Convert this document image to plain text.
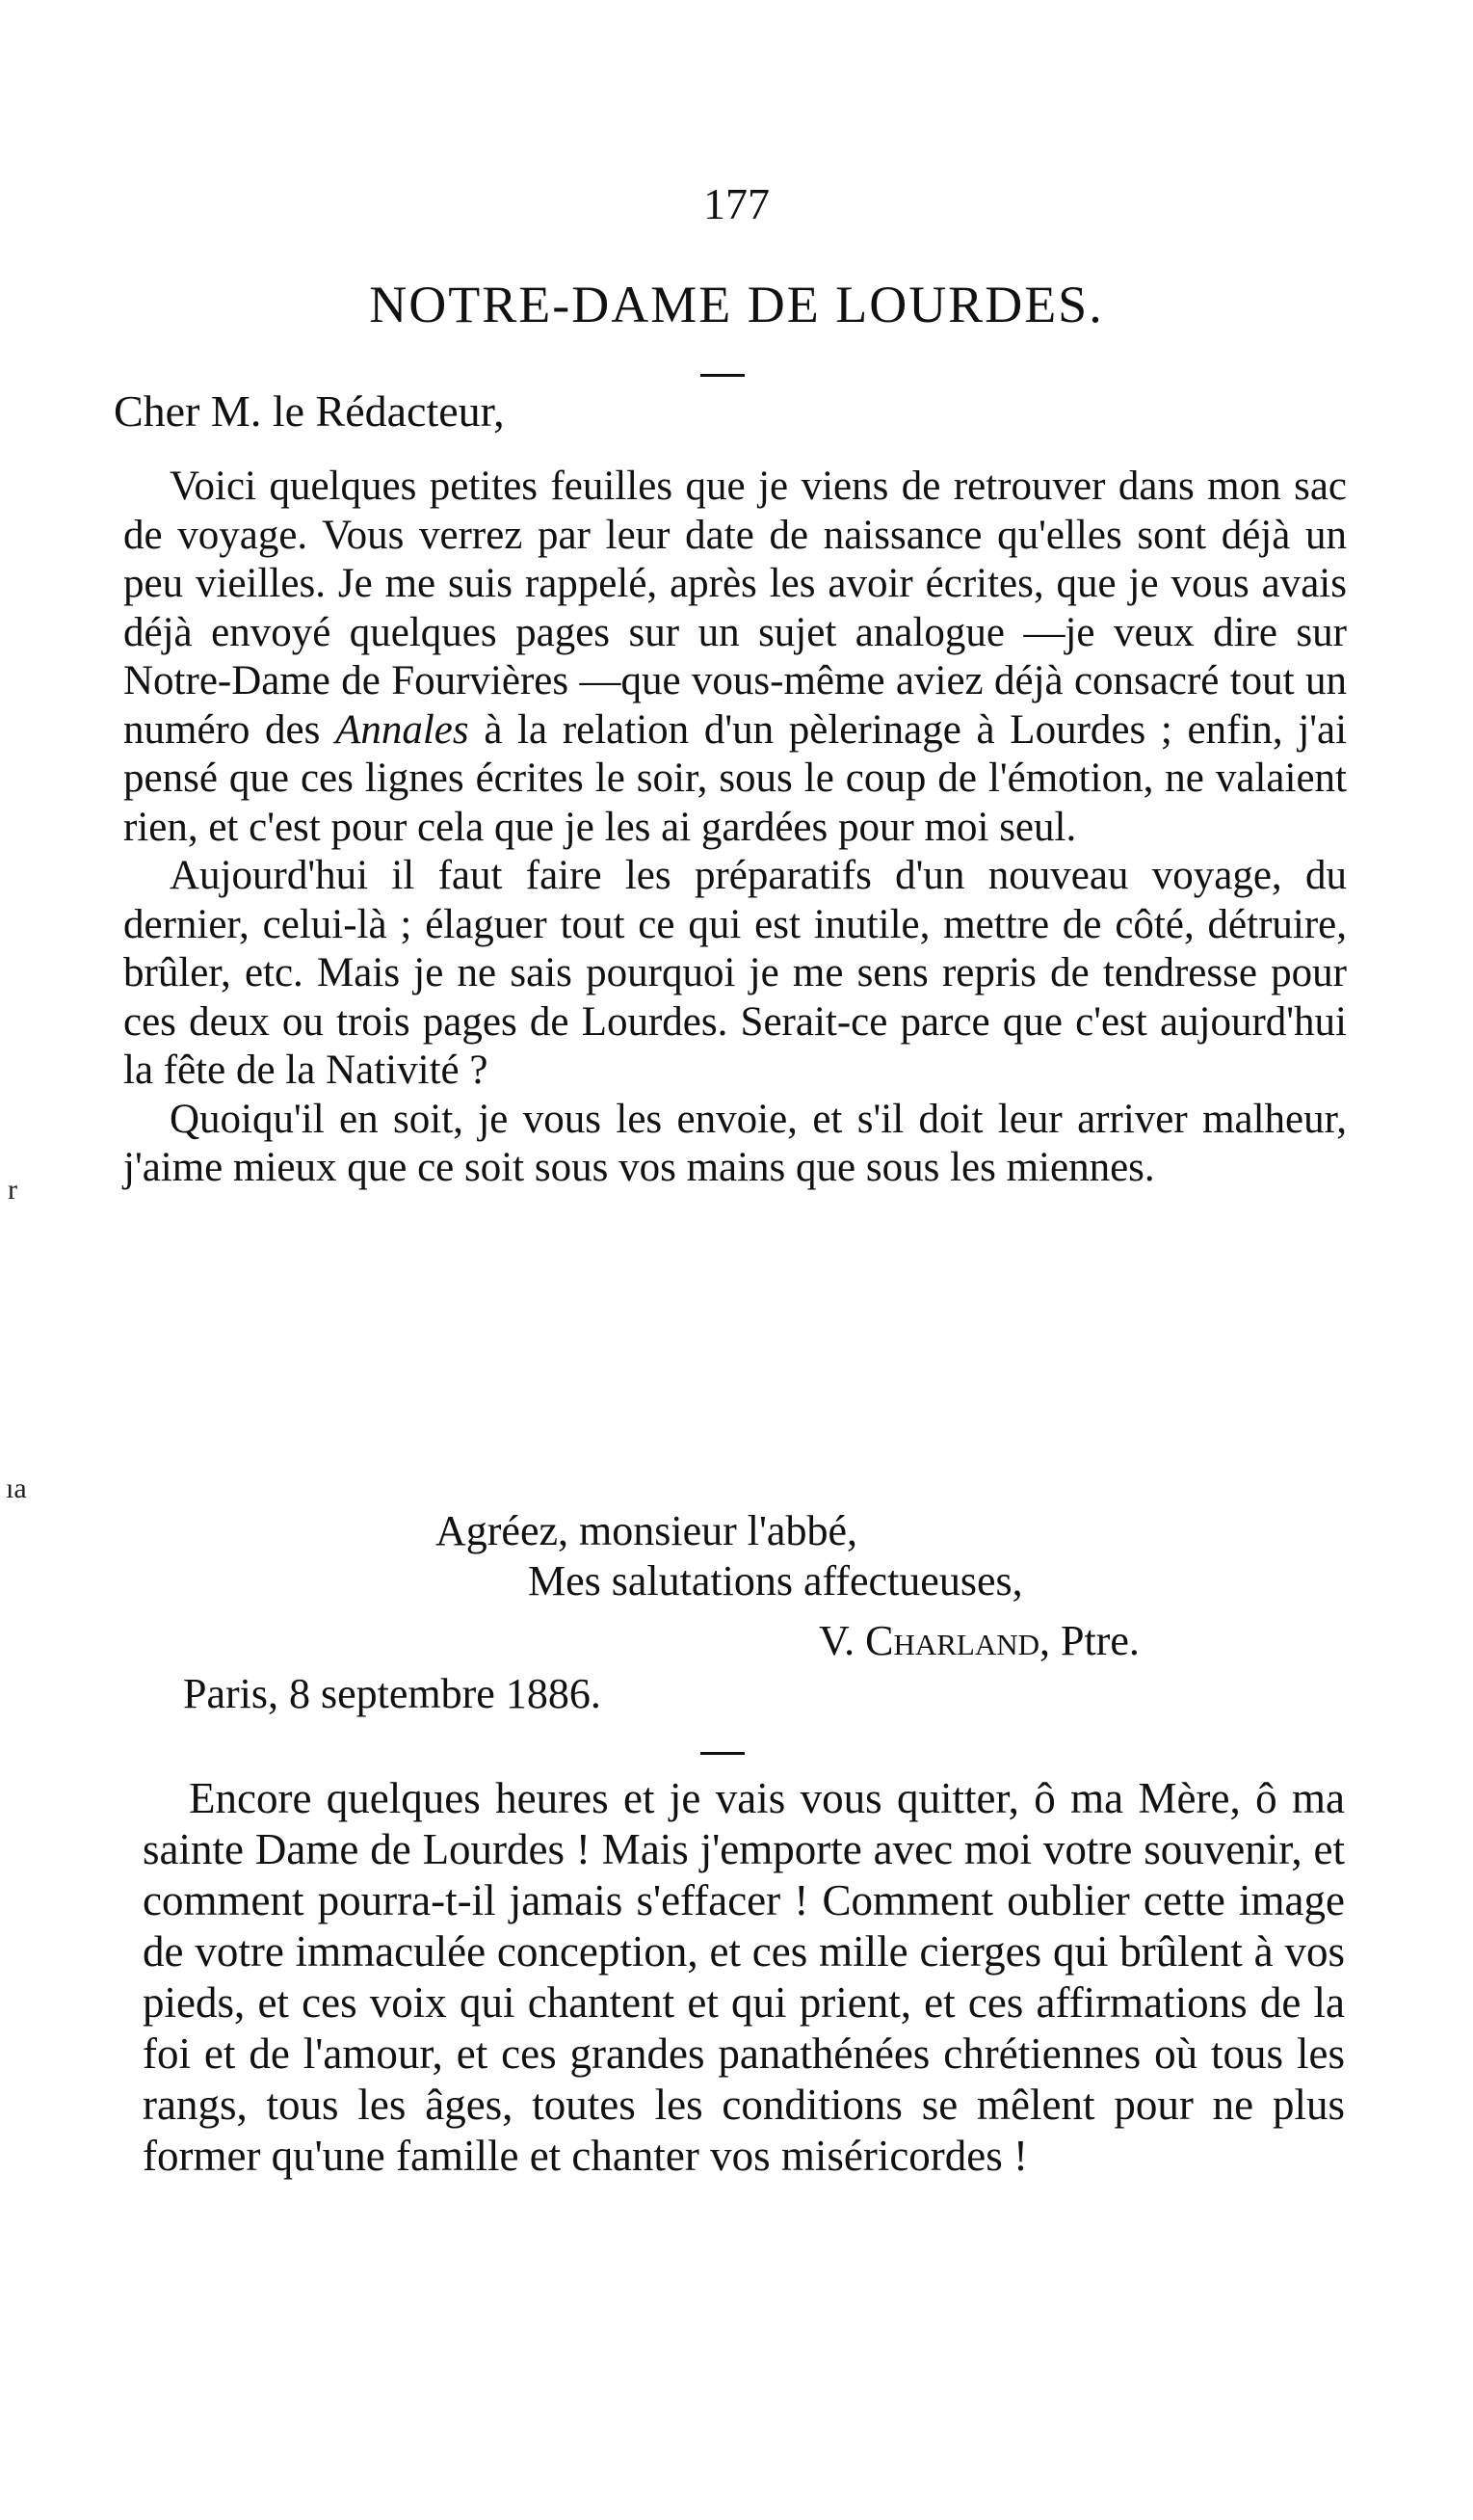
177
NOTRE-DAME DE LOURDES.
Cher M. le Rédacteur,

Voici quelques petites feuilles que je viens de retrouver dans mon sac de voyage. Vous verrez par leur date de naissance qu'elles sont déjà un peu vieilles. Je me suis rappelé, après les avoir écrites, que je vous avais déjà envoyé quelques pages sur un sujet analogue —je veux dire sur Notre-Dame de Fourvières —que vous-même aviez déjà consacré tout un numéro des Annales à la relation d'un pèlerinage à Lourdes ; enfin, j'ai pensé que ces lignes écrites le soir, sous le coup de l'émotion, ne valaient rien, et c'est pour cela que je les ai gardées pour moi seul.

Aujourd'hui il faut faire les préparatifs d'un nouveau voyage, du dernier, celui-là ; élaguer tout ce qui est inutile, mettre de côté, détruire, brûler, etc. Mais je ne sais pourquoi je me sens repris de tendresse pour ces deux ou trois pages de Lourdes. Serait-ce parce que c'est aujourd'hui la fête de la Nativité ?

Quoiqu'il en soit, je vous les envoie, et s'il doit leur arriver malheur, j'aime mieux que ce soit sous vos mains que sous les miennes.

Agréez, monsieur l'abbé,
Mes salutations affectueuses,
V. Charland, Ptre.
Paris, 8 septembre 1886.

Encore quelques heures et je vais vous quitter, ô ma Mère, ô ma sainte Dame de Lourdes ! Mais j'emporte avec moi votre souvenir, et comment pourra-t-il jamais s'effacer ! Comment oublier cette image de votre immaculée conception, et ces mille cierges qui brûlent à vos pieds, et ces voix qui chantent et qui prient, et ces affirmations de la foi et de l'amour, et ces grandes panathénées chrétiennes où tous les rangs, tous les âges, toutes les conditions se mêlent pour ne plus former qu'une famille et chanter vos miséricordes !

r
ıa
